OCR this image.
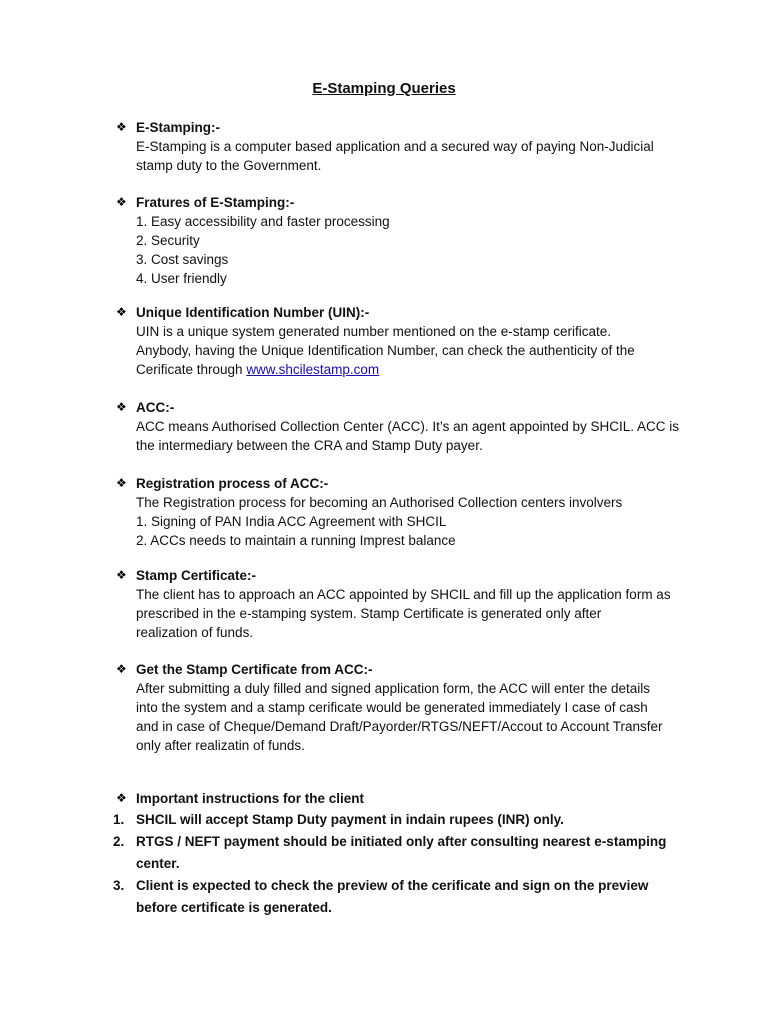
E-Stamping Queries
❖ E-Stamping:-
E-Stamping is a computer based application and a secured way of paying Non-Judicial
stamp duty to the Government.
❖ Fratures of E-Stamping:-
1. Easy accessibility and faster processing
2. Security
3. Cost savings
4. User friendly
❖ Unique Identification Number (UIN):-
UIN is a unique system generated number mentioned on the e-stamp cerificate.
Anybody, having the Unique Identification Number, can check the authenticity of the
Cerificate through www.shcilestamp.com
❖ ACC:-
ACC means Authorised Collection Center (ACC). It’s an agent appointed by SHCIL. ACC is
the intermediary between the CRA and Stamp Duty payer.
❖ Registration process of ACC:-
The Registration process for becoming an Authorised Collection centers involvers
1. Signing of PAN India ACC Agreement with SHCIL
2. ACCs needs to maintain a running Imprest balance
❖ Stamp Certificate:-
The client has to approach an ACC appointed by SHCIL and fill up the application form as
prescribed in the e-stamping system. Stamp Certificate is generated only after
realization of funds.
❖ Get the Stamp Certificate from ACC:-
After submitting a duly filled and signed application form, the ACC will enter the details
into the system and a stamp cerificate would be generated immediately I case of cash
and in case of Cheque/Demand Draft/Payorder/RTGS/NEFT/Accout to Account Transfer
only after realizatin of funds.
❖ Important instructions for the client
1. SHCIL will accept Stamp Duty payment in indain rupees (INR) only.
2. RTGS / NEFT payment should be initiated only after consulting nearest e-stamping
center.
3. Client is expected to check the preview of the cerificate and sign on the preview
before certificate is generated.
